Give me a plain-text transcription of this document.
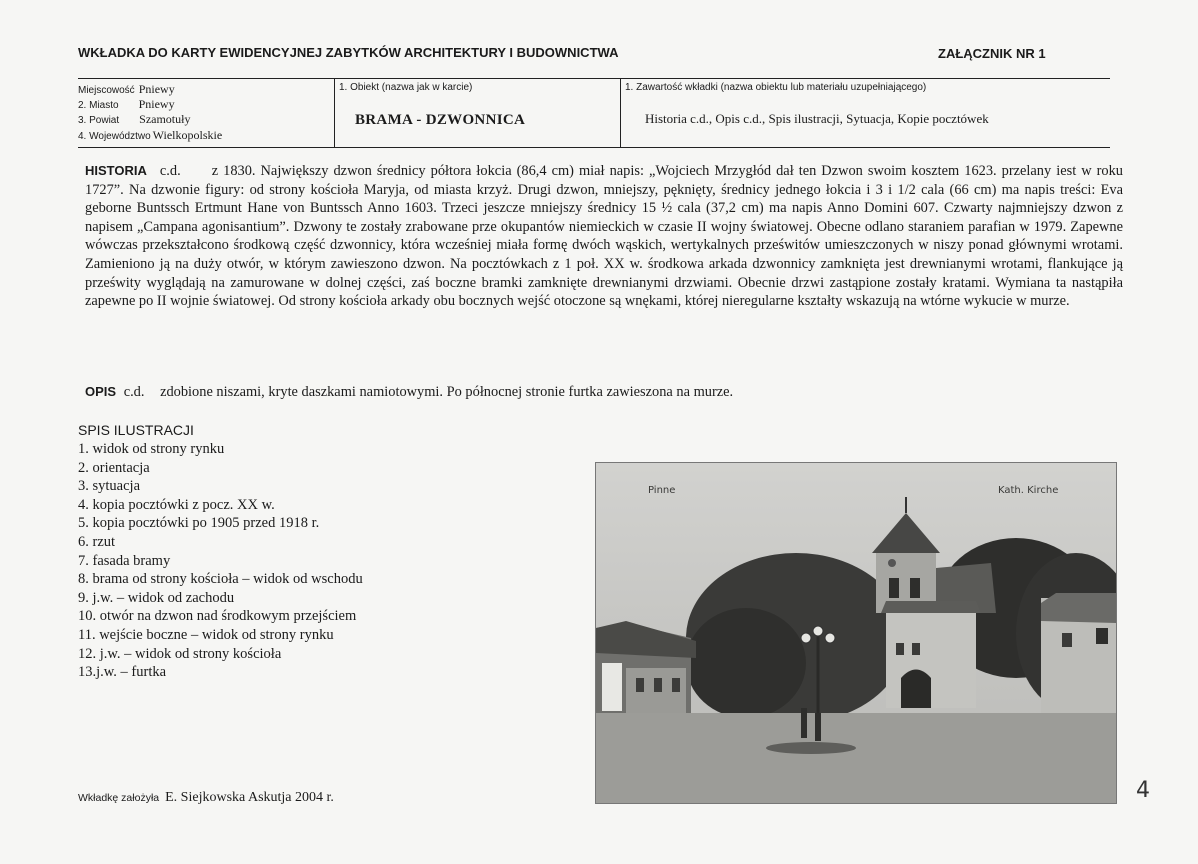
WKŁADKA DO KARTY EWIDENCYJNEJ ZABYTKÓW ARCHITEKTURY I BUDOWNICTWA	ZAŁĄCZNIK NR 1
Miejscowość Pniewy
2. Miasto Pniewy
3. Powiat Szamotuły
4. Województwo Wielkopolskie
1. Obiekt (nazwa jak w karcie)
BRAMA - DZWONNICA
1. Zawartość wkładki (nazwa obiektu lub materiału uzupełniającego)
Historia c.d., Opis c.d., Spis ilustracji, Sytuacja, Kopie pocztówek
HISTORIA c.d. z 1830. Największy dzwon średnicy półtora łokcia (86,4 cm) miał napis: „Wojciech Mrzygłód dał ten Dzwon swoim kosztem 1623. przelany iest w roku 1727”. Na dzwonie figury: od strony kościoła Maryja, od miasta krzyż. Drugi dzwon, mniejszy, pęknięty, średnicy jednego łokcia i 3 i 1/2 cala (66 cm) ma napis treści: Eva geborne Buntssch Ertmunt Hane von Buntssch Anno 1603. Trzeci jeszcze mniejszy średnicy 15 ½ cala (37,2 cm) ma napis Anno Domini 607. Czwarty najmniejszy dzwon z napisem „Campana agonisantium”. Dzwony te zostały zrabowane prze okupantów niemieckich w czasie II wojny światowej. Obecne odlano staraniem parafian w 1979. Zapewne wówczas przekształcono środkową część dzwonnicy, która wcześniej miała formę dwóch wąskich, wertykalnych prześwitów umieszczonych w niszy ponad głównymi wrotami. Zamieniono ją na duży otwór, w którym zawieszono dzwon. Na pocztówkach z 1 poł. XX w. środkowa arkada dzwonnicy zamknięta jest drewnianymi wrotami, flankujące ją prześwity wyglądają na zamurowane w dolnej części, zaś boczne bramki zamknięte drewnianymi drzwiami. Obecnie drzwi zastąpione zostały kratami. Wymiana ta nastąpiła zapewne po II wojnie światowej. Od strony kościoła arkady obu bocznych wejść otoczone są wnękami, której nieregularne kształty wskazują na wtórne wykucie w murze.
OPIS c.d. zdobione niszami, kryte daszkami namiotowymi. Po północnej stronie furtka zawieszona na murze.
SPIS ILUSTRACJI
1. widok od strony rynku
2. orientacja
3. sytuacja
4. kopia pocztówki z pocz. XX w.
5. kopia pocztówki po 1905 przed 1918 r.
6. rzut
7. fasada bramy
8. brama od strony kościoła – widok od wschodu
9. j.w. – widok od zachodu
10. otwór na dzwon nad środkowym przejściem
11. wejście boczne – widok od strony rynku
12. j.w. – widok od strony kościoła
13.j.w. – furtka
Pinne	Kath. Kirche
Wkładkę założyła E. Siejkowska Askutja 2004 r.	4
